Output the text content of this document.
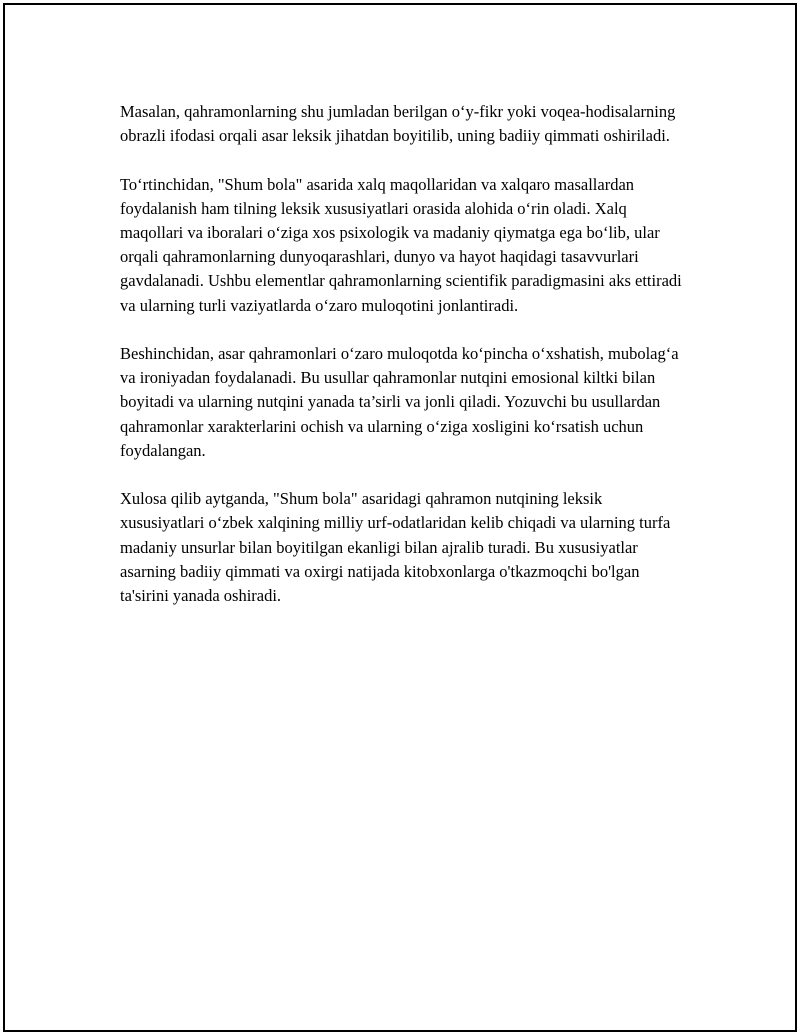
Masalan, qahramonlarning shu jumladan berilgan o‘y-fikr yoki voqea-hodisalarning obrazli ifodasi orqali asar leksik jihatdan boyitilib, uning badiiy qimmati oshiriladi.

To‘rtinchidan, "Shum bola" asarida xalq maqollaridan va xalqaro masallardan foydalanish ham tilning leksik xususiyatlari orasida alohida o‘rin oladi. Xalq maqollari va iboralari o‘ziga xos psixologik va madaniy qiymatga ega bo‘lib, ular orqali qahramonlarning dunyoqarashlari, dunyo va hayot haqidagi tasavvurlari gavdalanadi. Ushbu elementlar qahramonlarning scientifik paradigmasini aks ettiradi va ularning turli vaziyatlarda o‘zaro muloqotini jonlantiradi.

Beshinchidan, asar qahramonlari o‘zaro muloqotda ko‘pincha o‘xshatish, mubolag‘a va ironiyadan foydalanadi. Bu usullar qahramonlar nutqini emosional kiltki bilan boyitadi va ularning nutqini yanada ta’sirli va jonli qiladi. Yozuvchi bu usullardan qahramonlar xarakterlarini ochish va ularning o‘ziga xosligini ko‘rsatish uchun foydalangan.

Xulosa qilib aytganda, "Shum bola" asaridagi qahramon nutqining leksik xususiyatlari o‘zbek xalqining milliy urf-odatlaridan kelib chiqadi va ularning turfa madaniy unsurlar bilan boyitilgan ekanligi bilan ajralib turadi. Bu xususiyatlar asarning badiiy qimmati va oxirgi natijada kitobxonlarga o'tkazmoqchi bo'lgan ta'sirini yanada oshiradi.
